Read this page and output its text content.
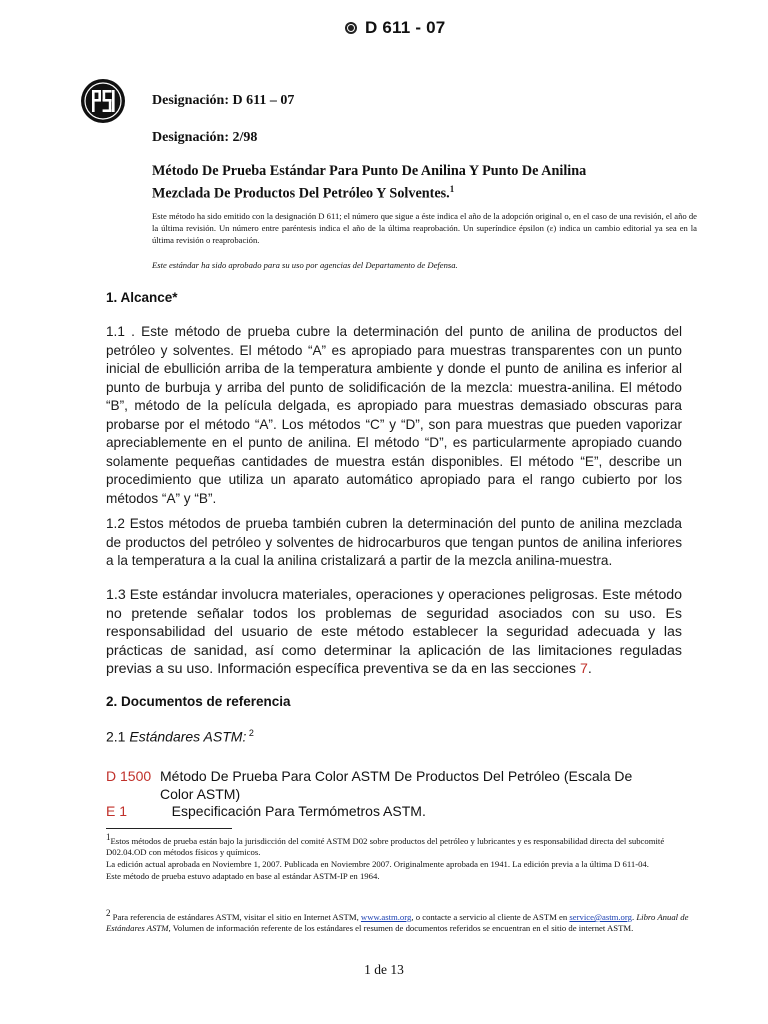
D 611 - 07
Designación: D 611 – 07
Designación: 2/98
Método De Prueba Estándar Para Punto De Anilina Y Punto De Anilina Mezclada De Productos Del Petróleo Y Solventes.$^1$
Este método ha sido emitido con la designación D 611; el número que sigue a éste indica el año de la adopción original o, en el caso de una revisión, el año de la última revisión. Un número entre paréntesis indica el año de la última reaprobación. Un superíndice épsilon (ε) indica un cambio editorial ya sea en la última revisión o reaprobación.
Este estándar ha sido aprobado para su uso por agencias del Departamento de Defensa.
1. Alcance*
1.1 . Este método de prueba cubre la determinación del punto de anilina de productos del petróleo y solventes. El método “A” es apropiado para muestras transparentes con un punto inicial de ebullición arriba de la temperatura ambiente y donde el punto de anilina es inferior al punto de burbuja y arriba del punto de solidificación de la mezcla: muestra-anilina. El método “B”, método de la película delgada, es apropiado para muestras demasiado obscuras para probarse por el método “A”. Los métodos “C” y “D”, son para muestras que pueden vaporizar apreciablemente en el punto de anilina. El método “D”, es particularmente apropiado cuando solamente pequeñas cantidades de muestra están disponibles. El método “E”, describe un procedimiento que utiliza un aparato automático apropiado para el rango cubierto por los métodos “A” y “B”.
1.2 Estos métodos de prueba también cubren la determinación del punto de anilina mezclada de productos del petróleo y solventes de hidrocarburos que tengan puntos de anilina inferiores a la temperatura a la cual la anilina cristalizará a partir de la mezcla anilina-muestra.
1.3 Este estándar involucra materiales, operaciones y operaciones peligrosas. Este método no pretende señalar todos los problemas de seguridad asociados con su uso. Es responsabilidad del usuario de este método establecer la seguridad adecuada y las prácticas de sanidad, así como determinar la aplicación de las limitaciones reguladas previas a su uso. Información específica preventiva se da en las secciones 7.
2. Documentos de referencia
2.1 Estándares ASTM: $^2$
D 1500 Método De Prueba Para Color ASTM De Productos Del Petróleo (Escala De Color ASTM)
E 1	Especificación Para Termómetros ASTM.
$^1$Estos métodos de prueba están bajo la jurisdicción del comité ASTM D02 sobre productos del petróleo y lubricantes y es responsabilidad directa del subcomité D02.04.OD con métodos físicos y químicos.
La edición actual aprobada en Noviembre 1, 2007. Publicada en Noviembre 2007. Originalmente aprobada en 1941. La edición previa a la última D 611-04.
Este método de prueba estuvo adaptado en base al estándar ASTM-IP en 1964.
$^2$ Para referencia de estándares ASTM, visitar el sitio en Internet ASTM, www.astm.org, o contacte a servicio al cliente de ASTM en service@astm.org. Libro Anual de Estándares ASTM, Volumen de información referente de los estándares el resumen de documentos referidos se encuentran en el sitio de internet ASTM.
1 de 13
